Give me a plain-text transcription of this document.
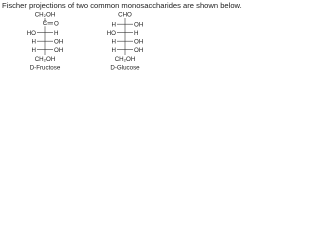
Fischer projections of two common monosaccharides are shown below.
CH₂OH
C O
HO	H
H	OH
H	OH
CH₂OH
D-Fructose
CHO
H	OH
HO	H
H	OH
H	OH
CH₂OH
D-Glucose
